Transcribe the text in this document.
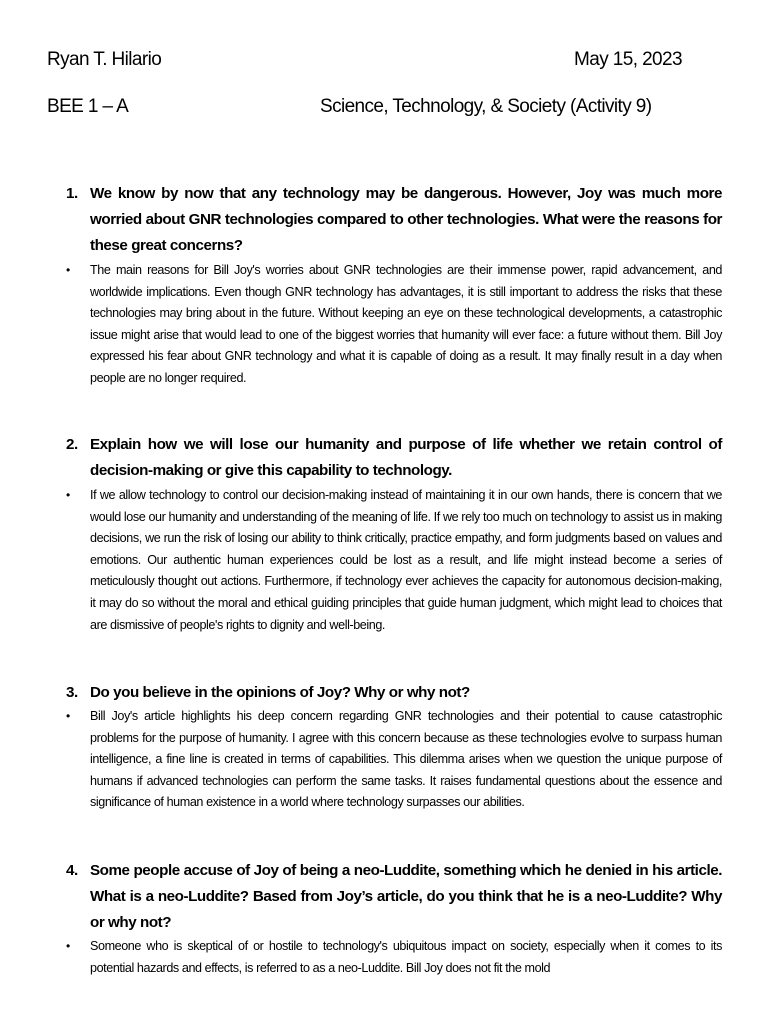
Ryan T. Hilario	May 15, 2023
BEE 1 – A	Science, Technology, & Society (Activity 9)
1. We know by now that any technology may be dangerous. However, Joy was much more worried about GNR technologies compared to other technologies. What were the reasons for these great concerns?
•	The main reasons for Bill Joy's worries about GNR technologies are their immense power, rapid advancement, and worldwide implications. Even though GNR technology has advantages, it is still important to address the risks that these technologies may bring about in the future. Without keeping an eye on these technological developments, a catastrophic issue might arise that would lead to one of the biggest worries that humanity will ever face: a future without them. Bill Joy expressed his fear about GNR technology and what it is capable of doing as a result. It may finally result in a day when people are no longer required.
2. Explain how we will lose our humanity and purpose of life whether we retain control of decision-making or give this capability to technology.
•	If we allow technology to control our decision-making instead of maintaining it in our own hands, there is concern that we would lose our humanity and understanding of the meaning of life. If we rely too much on technology to assist us in making decisions, we run the risk of losing our ability to think critically, practice empathy, and form judgments based on values and emotions. Our authentic human experiences could be lost as a result, and life might instead become a series of meticulously thought out actions. Furthermore, if technology ever achieves the capacity for autonomous decision-making, it may do so without the moral and ethical guiding principles that guide human judgment, which might lead to choices that are dismissive of people's rights to dignity and well-being.
3. Do you believe in the opinions of Joy? Why or why not?
•	Bill Joy's article highlights his deep concern regarding GNR technologies and their potential to cause catastrophic problems for the purpose of humanity. I agree with this concern because as these technologies evolve to surpass human intelligence, a fine line is created in terms of capabilities. This dilemma arises when we question the unique purpose of humans if advanced technologies can perform the same tasks. It raises fundamental questions about the essence and significance of human existence in a world where technology surpasses our abilities.
4. Some people accuse of Joy of being a neo-Luddite, something which he denied in his article. What is a neo-Luddite? Based from Joy’s article, do you think that he is a neo-Luddite? Why or why not?
•	Someone who is skeptical of or hostile to technology's ubiquitous impact on society, especially when it comes to its potential hazards and effects, is referred to as a neo-Luddite. Bill Joy does not fit the mold
